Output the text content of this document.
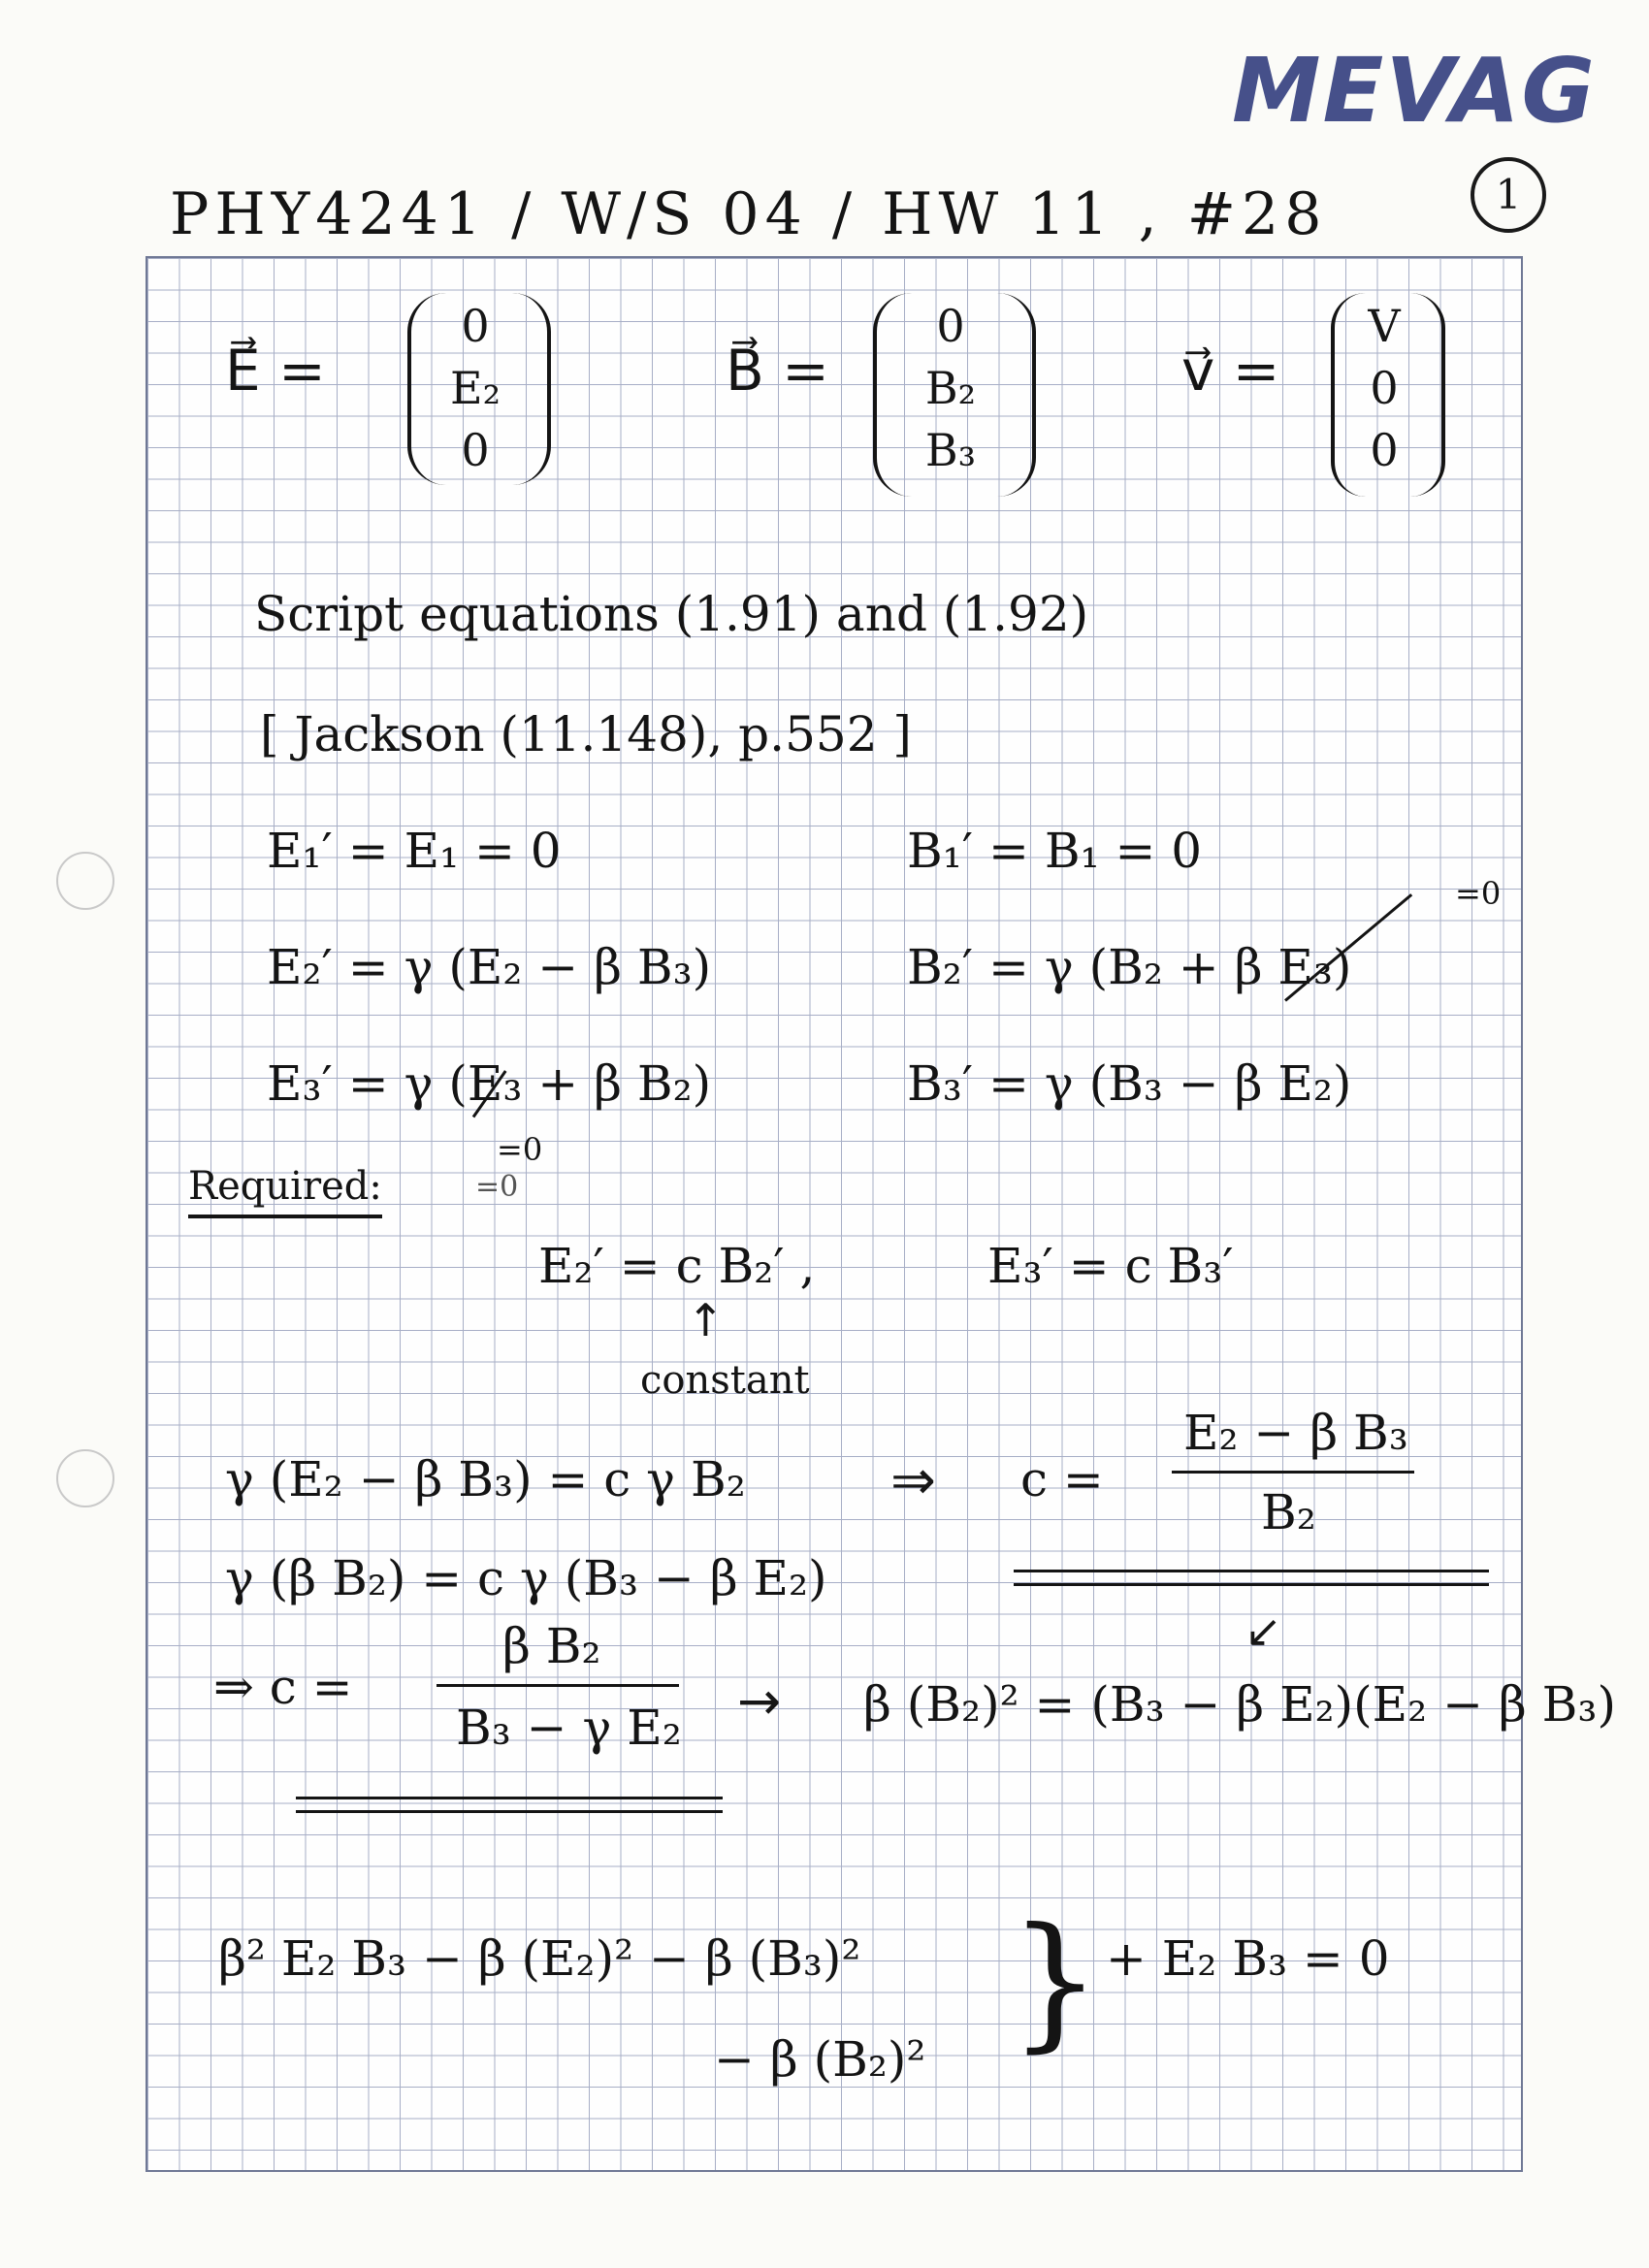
MEVAG
1
PHY4241 / W/S 04 / HW 11 , #28
E⃗ =
0
E₂
0
B⃗ =
0
B₂
B₃
v⃗ =
V
0
0
Script equations (1.91) and (1.92)
[ Jackson (11.148), p.552 ]
E₁′ = E₁ = 0
E₂′ = γ (E₂ − β B₃)
E₃′ = γ (E₃ + β B₂)
=0
B₁′ = B₁ = 0
B₂′ = γ (B₂ + β E₃)
=0
B₃′ = γ (B₃ − β E₂)
Required:	=0
E₂′ = c B₂′ ,	E₃′ = c B₃′
↑
constant
γ (E₂ − β B₃) = c γ B₂	⇒ c =
E₂ − β B₃
B₂
γ (β B₂) = c γ (B₃ − β E₂)
↙
⇒ c =
β B₂
B₃ − γ E₂ → β (B₂)² = (B₃ − β E₂)(E₂ − β B₃)
β² E₂ B₃ − β (E₂)² − β (B₃)²
− β (B₂)² } + E₂ B₃ = 0
